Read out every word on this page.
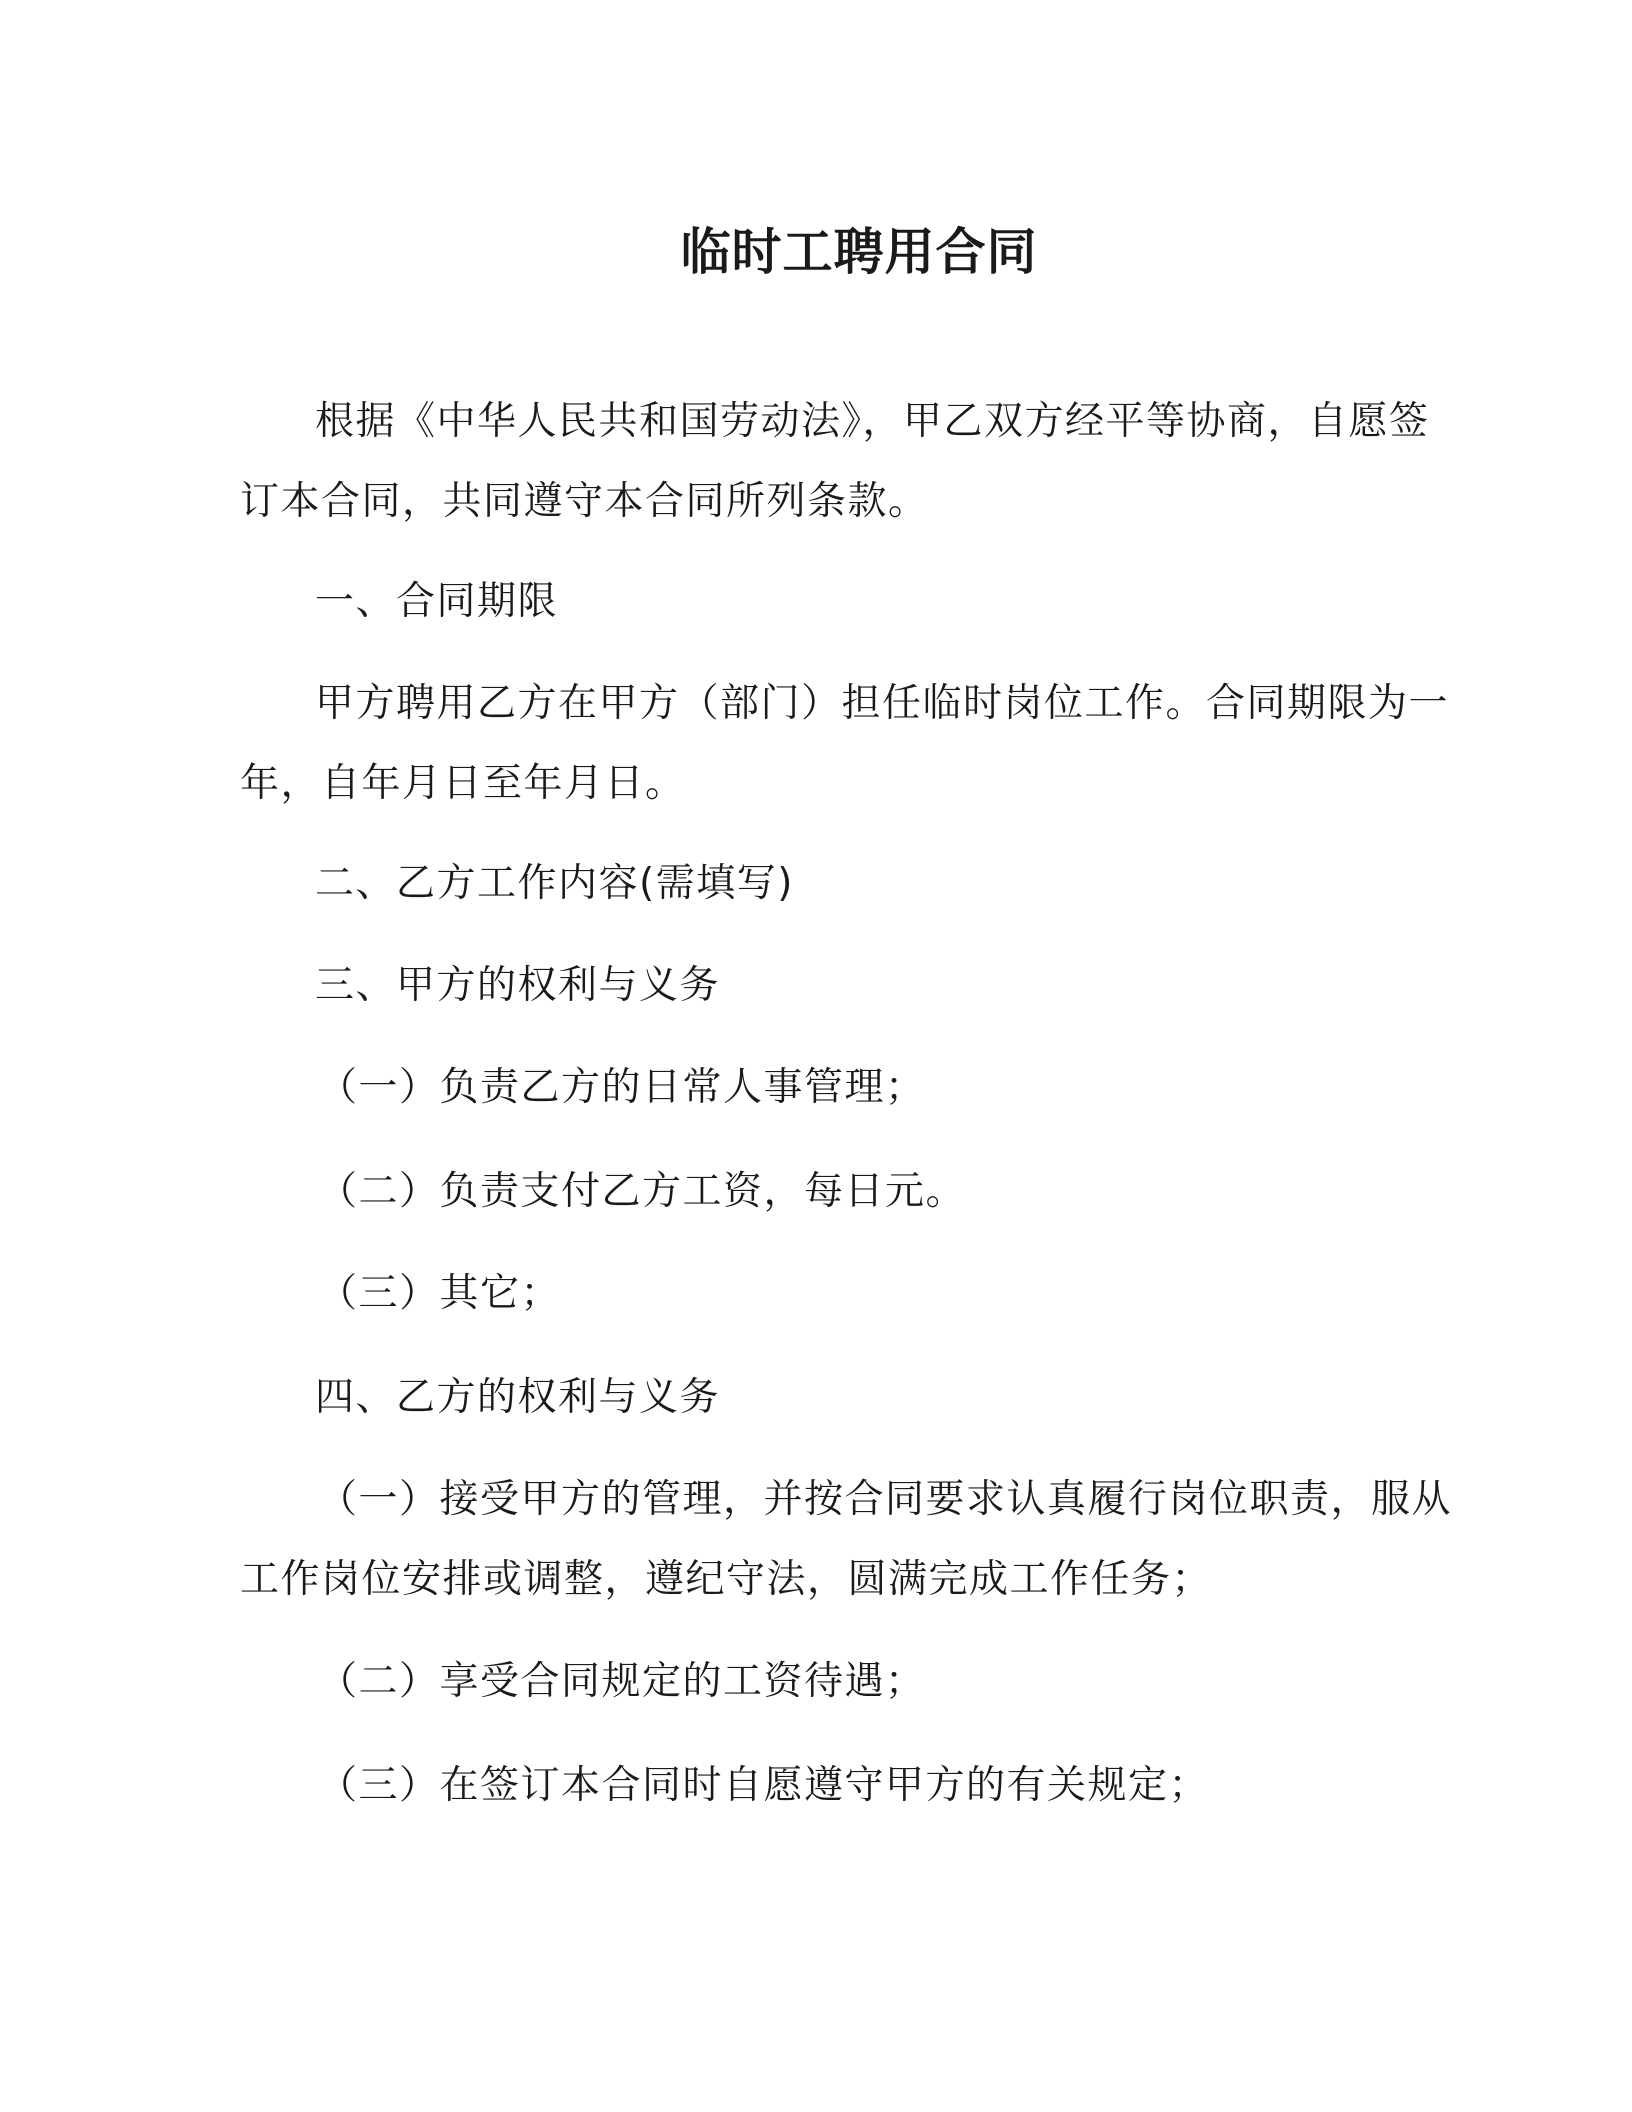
临时工聘用合同
根据《中华人民共和国劳动法》，甲乙双方经平等协商，自愿签
订本合同，共同遵守本合同所列条款。
一、合同期限
甲方聘用乙方在甲方（部门）担任临时岗位工作。合同期限为一
年，自年月日至年月日。
二、乙方工作内容(需填写)
三、甲方的权利与义务
（一）负责乙方的日常人事管理；
（二）负责支付乙方工资，每日元。
（三）其它；
四、乙方的权利与义务
（一）接受甲方的管理，并按合同要求认真履行岗位职责，服从
工作岗位安排或调整，遵纪守法，圆满完成工作任务；
（二）享受合同规定的工资待遇；
（三）在签订本合同时自愿遵守甲方的有关规定；
